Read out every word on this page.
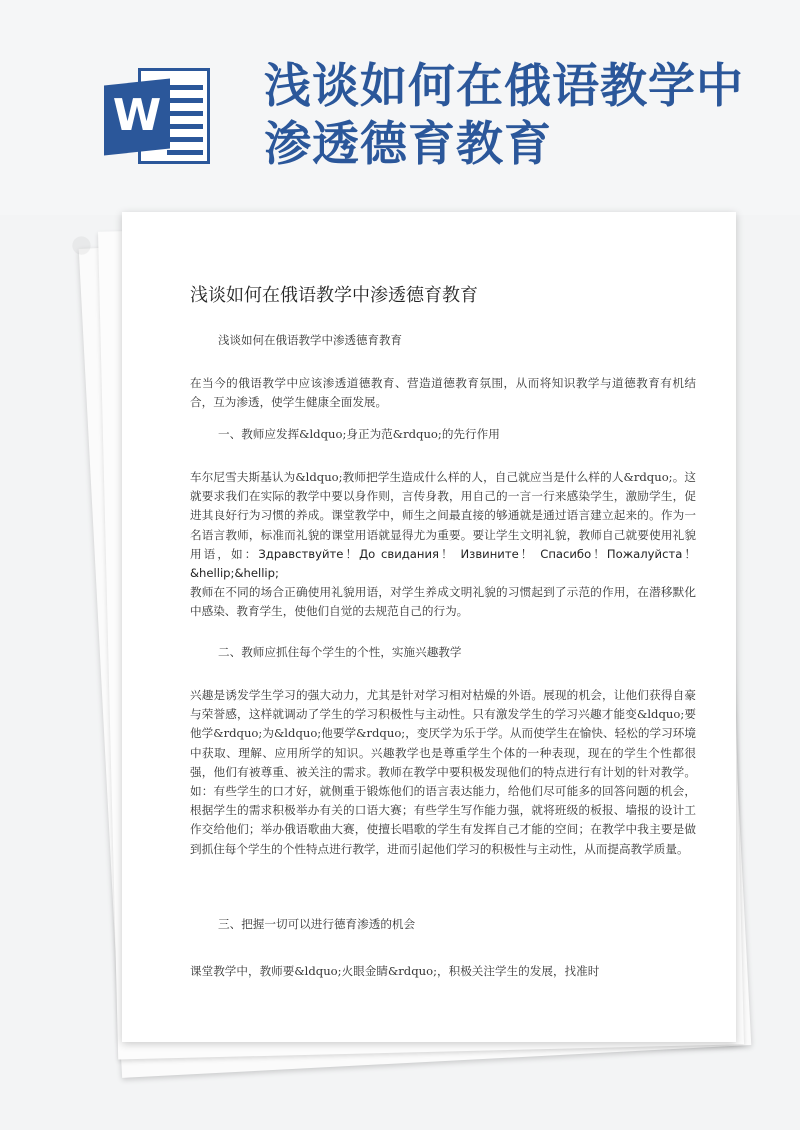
W
浅谈如何在俄语教学中
渗透德育教育
浅谈如何在俄语教学中渗透德育教育
浅谈如何在俄语教学中渗透德育教育

在当今的俄语教学中应该渗透道德教育、营造道德教育氛围，从而将知识教学与道德教育有机结合，互为渗透，使学生健康全面发展。

一、教师应发挥&ldquo;身正为范&rdquo;的先行作用

车尔尼雪夫斯基认为&ldquo;教师把学生造成什么样的人，自己就应当是什么样的人&rdquo;。这就要求我们在实际的教学中要以身作则，言传身教，用自己的一言一行来感染学生，激励学生，促进其良好行为习惯的养成。课堂教学中，师生之间最直接的够通就是通过语言建立起来的。作为一名语言教师，标准而礼貌的课堂用语就显得尤为重要。要让学生文明礼貌，教师自己就要使用礼貌用语，如：Здравствуйте！До свидания！ Извините！ Спасибо！Пожалуйста！&hellip;&hellip;
教师在不同的场合正确使用礼貌用语，对学生养成文明礼貌的习惯起到了示范的作用，在潜移默化中感染、教育学生，使他们自觉的去规范自己的行为。

二、教师应抓住每个学生的个性，实施兴趣教学

兴趣是诱发学生学习的强大动力，尤其是针对学习相对枯燥的外语。展现的机会，让他们获得自豪与荣誉感，这样就调动了学生的学习积极性与主动性。只有激发学生的学习兴趣才能变&ldquo;要他学&rdquo;为&ldquo;他要学&rdquo;，变厌学为乐于学。从而使学生在愉快、轻松的学习环境中获取、理解、应用所学的知识。兴趣教学也是尊重学生个体的一种表现，现在的学生个性都很强，他们有被尊重、被关注的需求。教师在教学中要积极发现他们的特点进行有计划的针对教学。如：有些学生的口才好，就侧重于锻炼他们的语言表达能力，给他们尽可能多的回答问题的机会，根据学生的需求积极举办有关的口语大赛；有些学生写作能力强，就将班级的板报、墙报的设计工作交给他们；举办俄语歌曲大赛，使擅长唱歌的学生有发挥自己才能的空间；在教学中我主要是做到抓住每个学生的个性特点进行教学，进而引起他们学习的积极性与主动性，从而提高教学质量。

三、把握一切可以进行德育渗透的机会

课堂教学中，教师要&ldquo;火眼金睛&rdquo;，积极关注学生的发展，找准时

●
